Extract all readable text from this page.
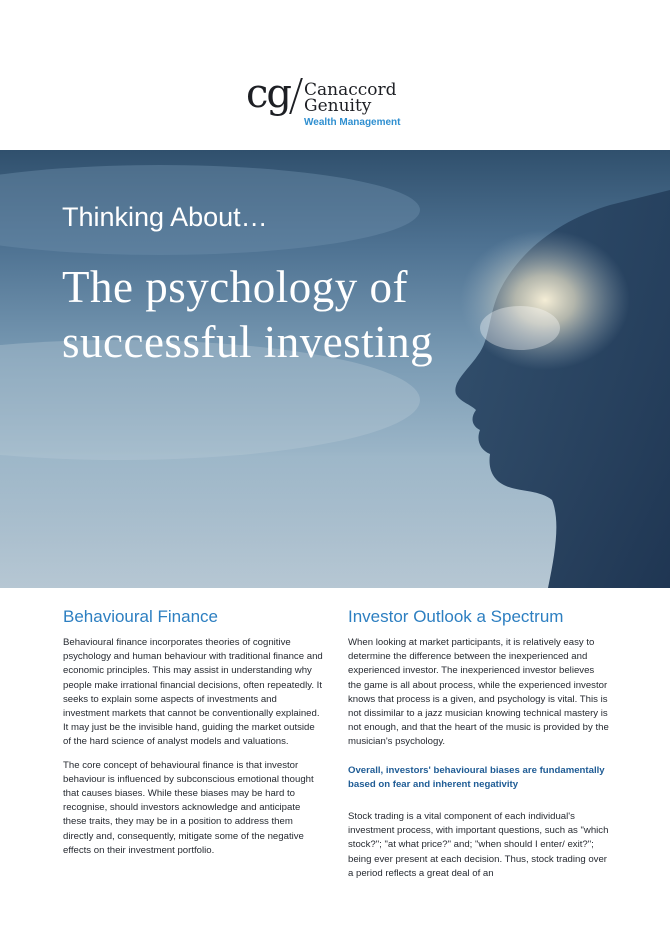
cg Canaccord
Genuity
Wealth Management
Thinking About…
The psychology of successful investing
Behavioural Finance

Behavioural finance incorporates theories of cognitive psychology and human behaviour with traditional finance and economic principles. This may assist in understanding why people make irrational financial decisions, often repeatedly. It seeks to explain some aspects of investments and investment markets that cannot be conventionally explained. It may just be the invisible hand, guiding the market outside of the hard science of analyst models and valuations.

The core concept of behavioural finance is that investor behaviour is influenced by subconscious emotional thought that causes biases. While these biases may be hard to recognise, should investors acknowledge and anticipate these traits, they may be in a position to address them directly and, consequently, mitigate some of the negative effects on their investment portfolio.

Investor Outlook a Spectrum

When looking at market participants, it is relatively easy to determine the difference between the inexperienced and experienced investor. The inexperienced investor believes the game is all about process, while the experienced investor knows that process is a given, and psychology is vital. This is not dissimilar to a jazz musician knowing technical mastery is not enough, and that the heart of the music is provided by the musician's psychology.

Overall, investors' behavioural biases are fundamentally based on fear and inherent negativity

Stock trading is a vital component of each individual's investment process, with important questions, such as "which stock?"; "at what price?" and; "when should I enter/ exit?"; being ever present at each decision. Thus, stock trading over a period reflects a great deal of an
